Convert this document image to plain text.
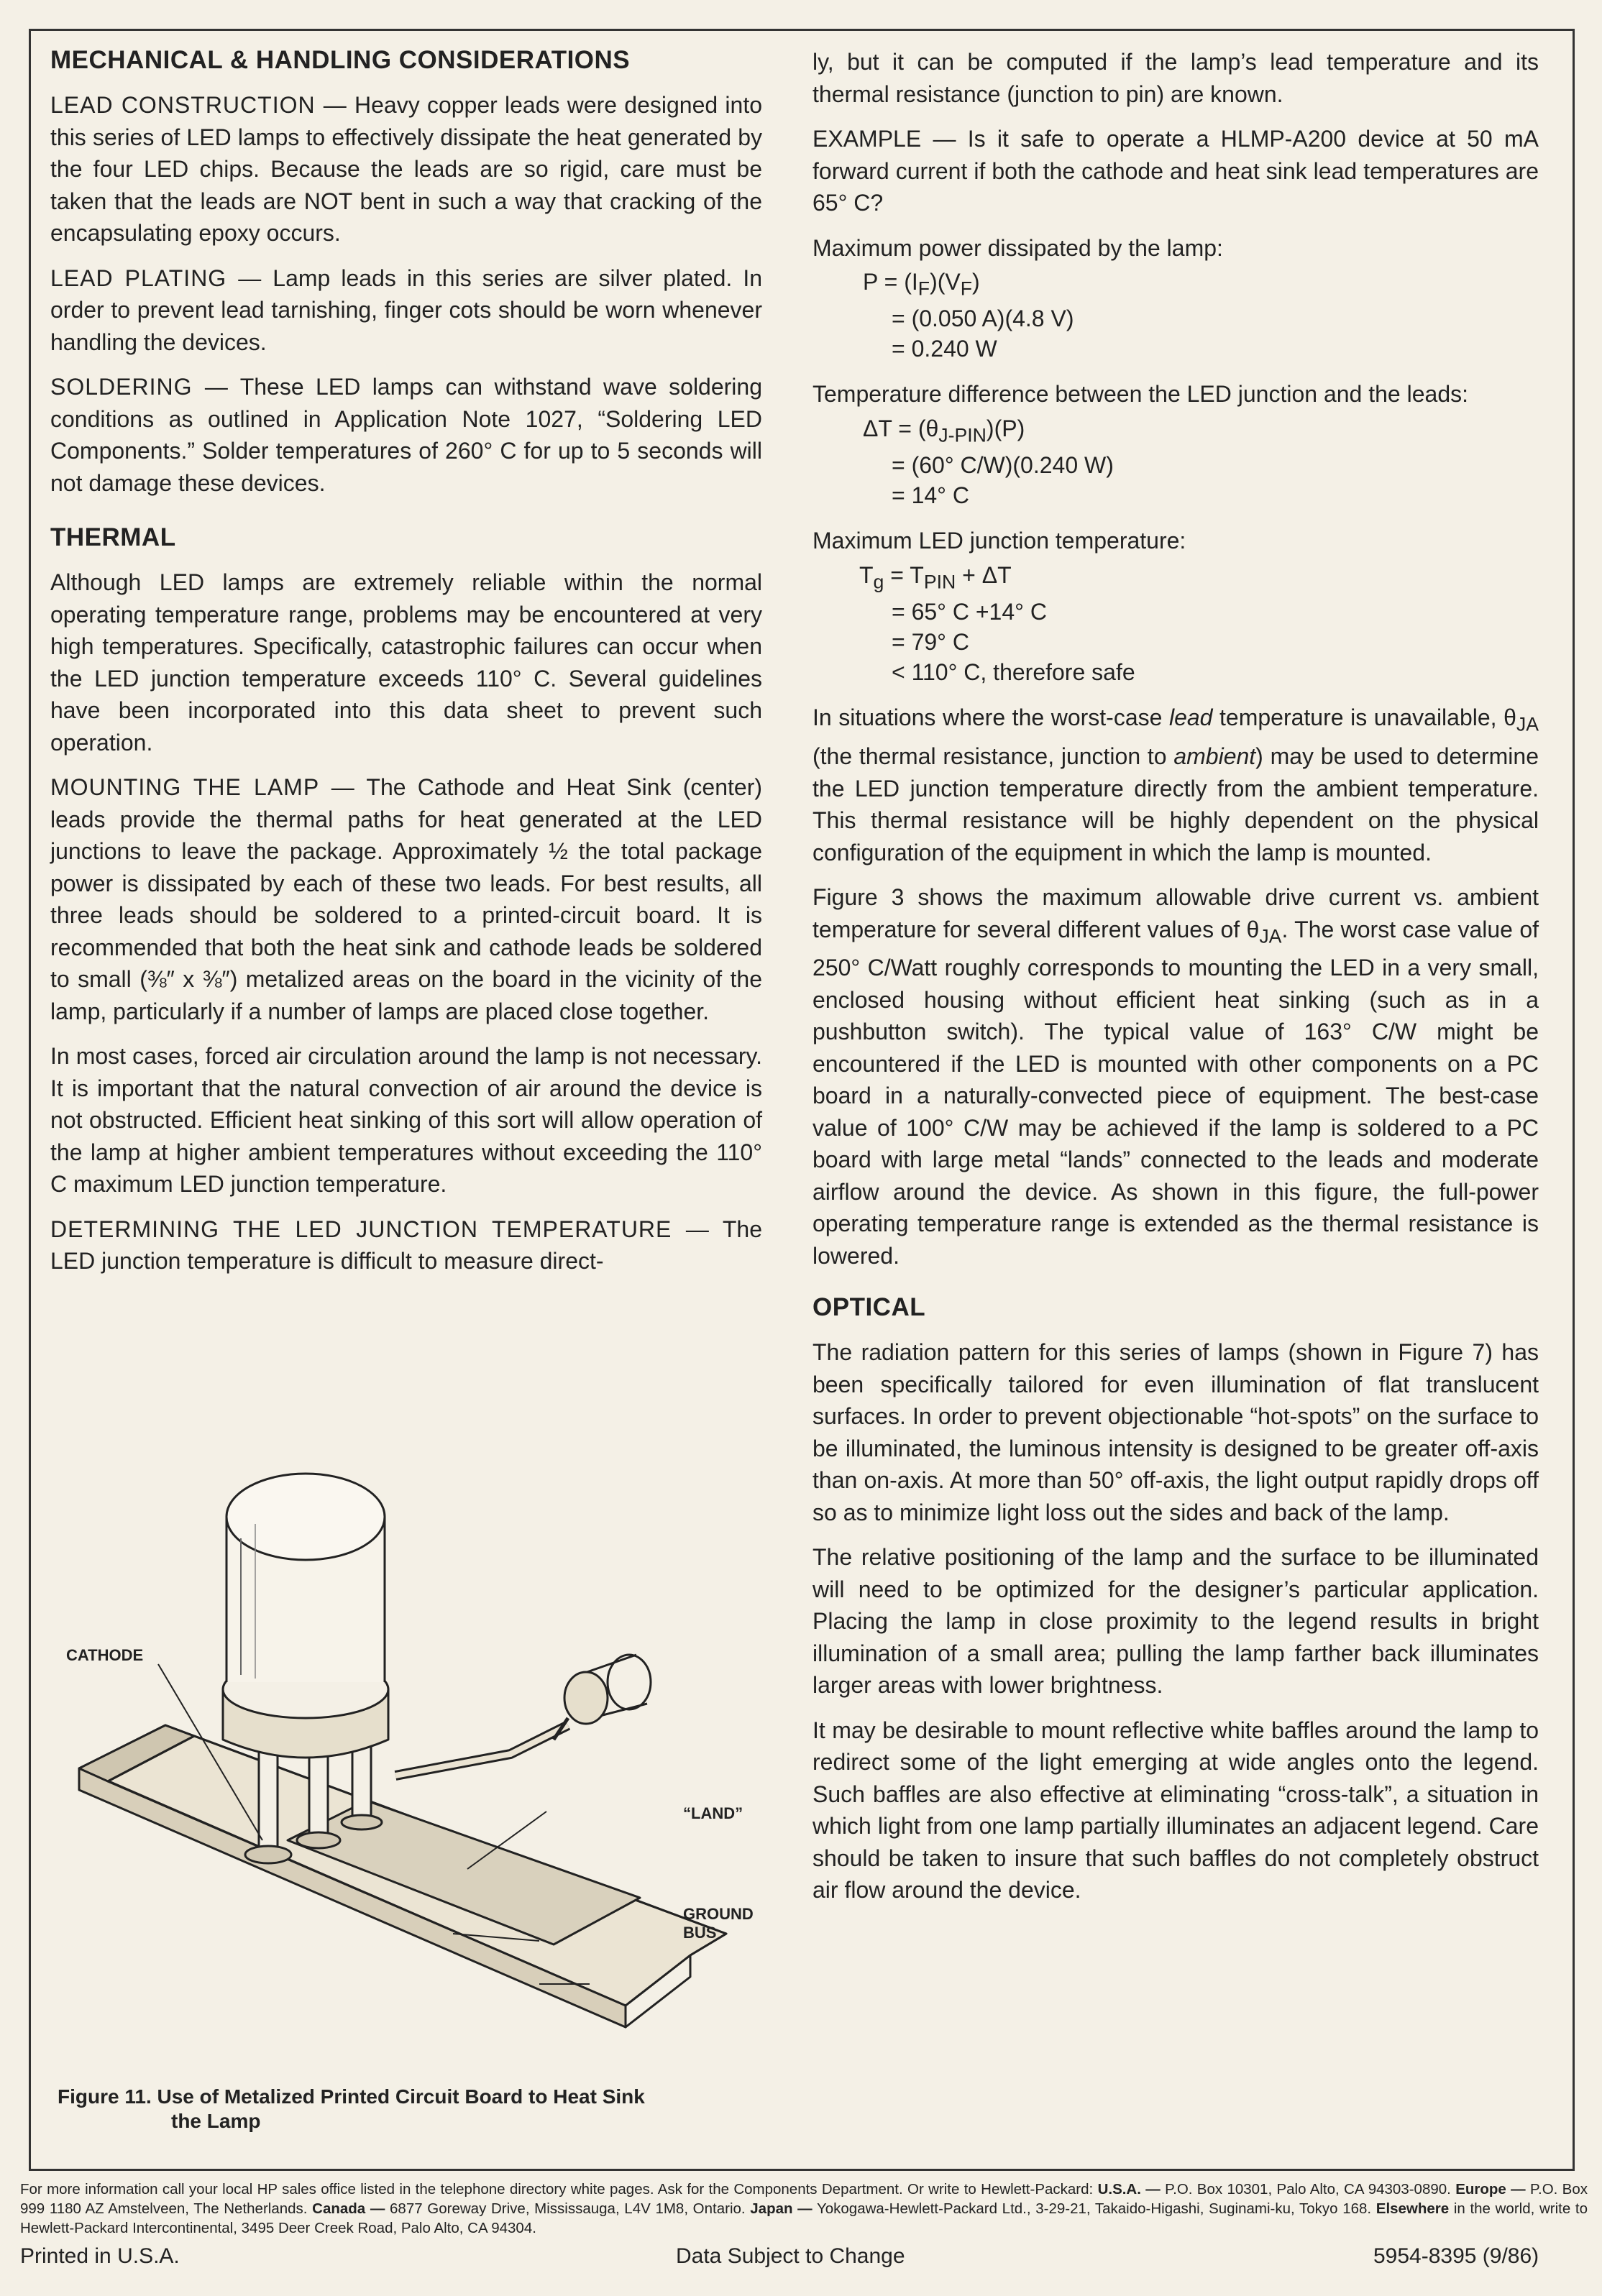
MECHANICAL & HANDLING CONSIDERATIONS

LEAD CONSTRUCTION — Heavy copper leads were designed into this series of LED lamps to effectively dissipate the heat generated by the four LED chips. Because the leads are so rigid, care must be taken that the leads are NOT bent in such a way that cracking of the encapsulating epoxy occurs.

LEAD PLATING — Lamp leads in this series are silver plated. In order to prevent lead tarnishing, finger cots should be worn whenever handling the devices.

SOLDERING — These LED lamps can withstand wave soldering conditions as outlined in Application Note 1027, “Soldering LED Components.” Solder temperatures of 260° C for up to 5 seconds will not damage these devices.

THERMAL

Although LED lamps are extremely reliable within the normal operating temperature range, problems may be encountered at very high temperatures. Specifically, catastrophic failures can occur when the LED junction temperature exceeds 110° C. Several guidelines have been incorporated into this data sheet to prevent such operation.

MOUNTING THE LAMP — The Cathode and Heat Sink (center) leads provide the thermal paths for heat generated at the LED junctions to leave the package. Approximately ½ the total package power is dissipated by each of these two leads. For best results, all three leads should be soldered to a printed-circuit board. It is recommended that both the heat sink and cathode leads be soldered to small (⅜″ x ⅜″) metalized areas on the board in the vicinity of the lamp, particularly if a number of lamps are placed close together.

In most cases, forced air circulation around the lamp is not necessary. It is important that the natural convection of air around the device is not obstructed. Efficient heat sinking of this sort will allow operation of the lamp at higher ambient temperatures without exceeding the 110° C maximum LED junction temperature.

DETERMINING THE LED JUNCTION TEMPERATURE — The LED junction temperature is difficult to measure direct-

CATHODE
“LAND”
GROUND
BUS
Figure 11. Use of Metalized Printed Circuit Board to Heat Sink
the Lamp

ly, but it can be computed if the lamp’s lead temperature and its thermal resistance (junction to pin) are known.

EXAMPLE — Is it safe to operate a HLMP-A200 device at 50 mA forward current if both the cathode and heat sink lead temperatures are 65° C?

Maximum power dissipated by the lamp:

$P = (I_F)(V_F)$
= (0.050 A)(4.8 V)
= 0.240 W

Temperature difference between the LED junction and the leads:

$\Delta T = (\theta_{J-PIN})(P)$
= (60° C/W)(0.240 W)
= 14° C

Maximum LED junction temperature:

$T_g = T_{PIN} + \Delta T$
= 65° C +14° C
= 79° C
< 110° C, therefore safe

In situations where the worst-case lead temperature is unavailable, $\theta_{JA}$ (the thermal resistance, junction to ambient) may be used to determine the LED junction temperature directly from the ambient temperature. This thermal resistance will be highly dependent on the physical configuration of the equipment in which the lamp is mounted.

Figure 3 shows the maximum allowable drive current vs. ambient temperature for several different values of $\theta_{JA}$. The worst case value of 250° C/Watt roughly corresponds to mounting the LED in a very small, enclosed housing without efficient heat sinking (such as in a pushbutton switch). The typical value of 163° C/W might be encountered if the LED is mounted with other components on a PC board in a naturally-convected piece of equipment. The best-case value of 100° C/W may be achieved if the lamp is soldered to a PC board with large metal “lands” connected to the leads and moderate airflow around the device. As shown in this figure, the full-power operating temperature range is extended as the thermal resistance is lowered.

OPTICAL

The radiation pattern for this series of lamps (shown in Figure 7) has been specifically tailored for even illumination of flat translucent surfaces. In order to prevent objectionable “hot-spots” on the surface to be illuminated, the luminous intensity is designed to be greater off-axis than on-axis. At more than 50° off-axis, the light output rapidly drops off so as to minimize light loss out the sides and back of the lamp.

The relative positioning of the lamp and the surface to be illuminated will need to be optimized for the designer’s particular application. Placing the lamp in close proximity to the legend results in bright illumination of a small area; pulling the lamp farther back illuminates larger areas with lower brightness.

It may be desirable to mount reflective white baffles around the lamp to redirect some of the light emerging at wide angles onto the legend. Such baffles are also effective at eliminating “cross-talk”, a situation in which light from one lamp partially illuminates an adjacent legend. Care should be taken to insure that such baffles do not completely obstruct air flow around the device.

For more information call your local HP sales office listed in the telephone directory white pages. Ask for the Components Department. Or write to Hewlett-Packard: U.S.A. — P.O. Box 10301, Palo Alto, CA 94303-0890. Europe — P.O. Box 999 1180 AZ Amstelveen, The Netherlands. Canada — 6877 Goreway Drive, Mississauga, L4V 1M8, Ontario. Japan — Yokogawa-Hewlett-Packard Ltd., 3-29-21, Takaido-Higashi, Suginami-ku, Tokyo 168. Elsewhere in the world, write to Hewlett-Packard Intercontinental, 3495 Deer Creek Road, Palo Alto, CA 94304.
Printed in U.S.A.	Data Subject to Change	5954-8395 (9/86)
